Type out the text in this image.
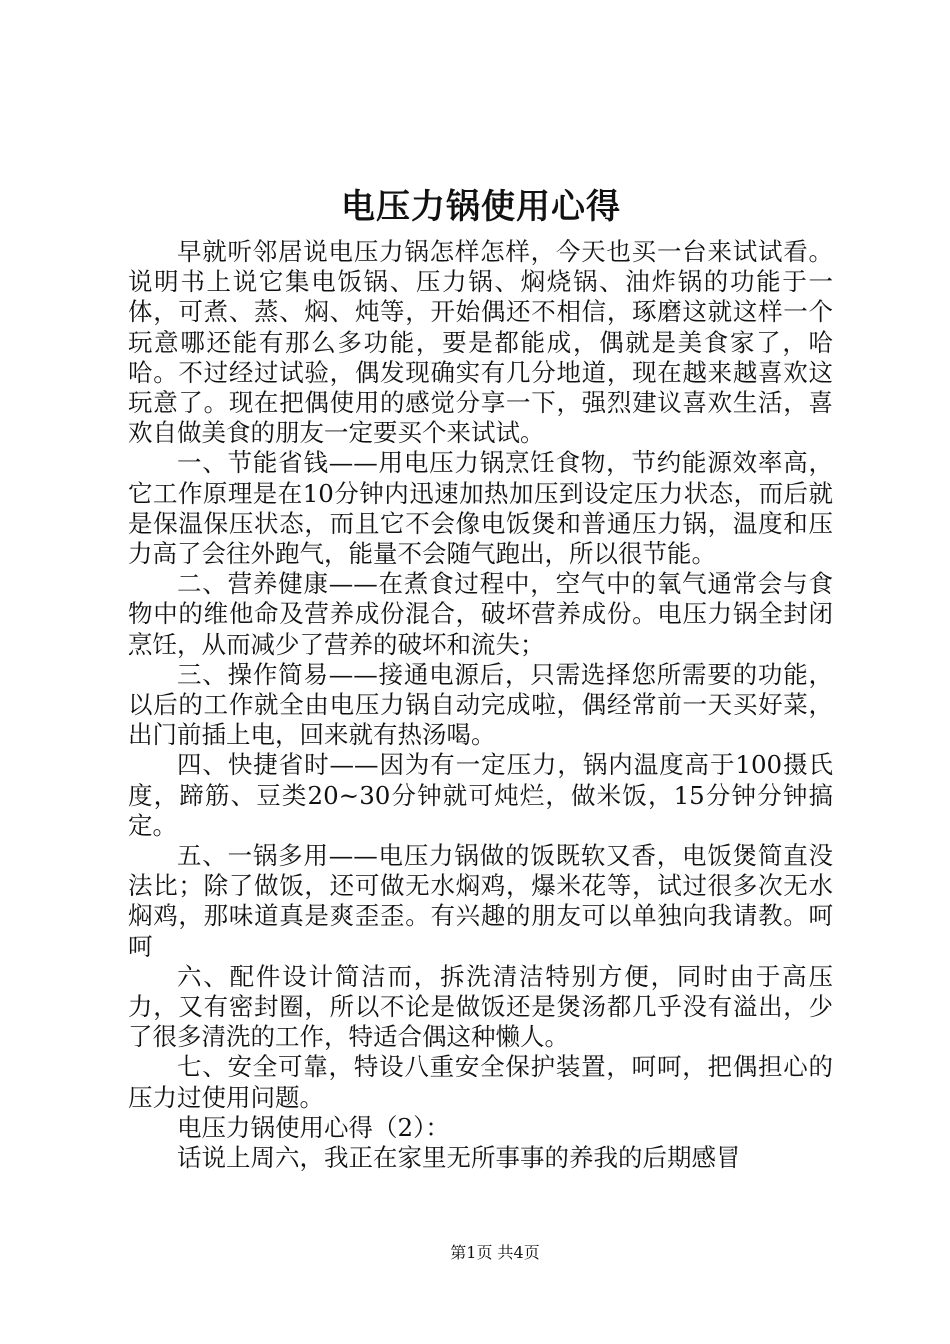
电压力锅使用心得

早就听邻居说电压力锅怎样怎样，今天也买一台来试试看。说明书上说它集电饭锅、压力锅、焖烧锅、油炸锅的功能于一体，可煮、蒸、焖、炖等，开始偶还不相信，琢磨这就这样一个玩意哪还能有那么多功能，要是都能成，偶就是美食家了，哈哈。不过经过试验，偶发现确实有几分地道，现在越来越喜欢这玩意了。现在把偶使用的感觉分享一下，强烈建议喜欢生活，喜欢自做美食的朋友一定要买个来试试。

一、节能省钱——用电压力锅烹饪食物，节约能源效率高，它工作原理是在10分钟内迅速加热加压到设定压力状态，而后就是保温保压状态，而且它不会像电饭煲和普通压力锅，温度和压力高了会往外跑气，能量不会随气跑出，所以很节能。

二、营养健康——在煮食过程中，空气中的氧气通常会与食物中的维他命及营养成份混合，破坏营养成份。电压力锅全封闭烹饪，从而减少了营养的破坏和流失；

三、操作简易——接通电源后，只需选择您所需要的功能，以后的工作就全由电压力锅自动完成啦，偶经常前一天买好菜，出门前插上电，回来就有热汤喝。

四、快捷省时——因为有一定压力，锅内温度高于100摄氏度，蹄筋、豆类20~30分钟就可炖烂，做米饭，15分钟分钟搞定。

五、一锅多用——电压力锅做的饭既软又香，电饭煲简直没法比；除了做饭，还可做无水焖鸡，爆米花等，试过很多次无水焖鸡，那味道真是爽歪歪。有兴趣的朋友可以单独向我请教。呵呵

六、配件设计简洁而，拆洗清洁特别方便，同时由于高压力，又有密封圈，所以不论是做饭还是煲汤都几乎没有溢出，少了很多清洗的工作，特适合偶这种懒人。

七、安全可靠，特设八重安全保护装置，呵呵，把偶担心的压力过使用问题。

电压力锅使用心得（2）：

话说上周六，我正在家里无所事事的养我的后期感冒

第1页 共4页
